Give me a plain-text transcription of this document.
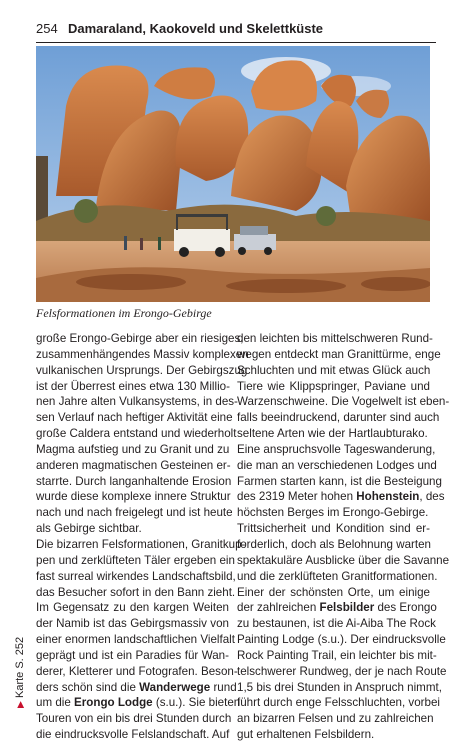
254 Damaraland, Kaokoveld und Skelettküste
Felsformationen im Erongo-Gebirge
große Erongo-Gebirge aber ein riesiges,
zusammenhängendes Massiv komplexen
vulkanischen Ursprungs. Der Gebirgszug
ist der Überrest eines etwa 130 Millio-
nen Jahre alten Vulkansystems, in des-
sen Verlauf nach heftiger Aktivität eine
große Caldera entstand und wiederholt
Magma aufstieg und zu Granit und zu
anderen magmatischen Gesteinen er-
starrte. Durch langanhaltende Erosion
wurde diese komplexe innere Struktur
nach und nach freigelegt und ist heute
als Gebirge sichtbar.
Die bizarren Felsformationen, Granitkup-
pen und zerklüfteten Täler ergeben ein
fast surreal wirkendes Landschaftsbild,
das Besucher sofort in den Bann zieht.
Im Gegensatz zu den kargen Weiten
der Namib ist das Gebirgsmassiv von
einer enormen landschaftlichen Vielfalt
geprägt und ist ein Paradies für Wan-
derer, Kletterer und Fotografen. Beson-
ders schön sind die Wanderwege rund
um die Erongo Lodge (s.u.). Sie bieten
Touren von ein bis drei Stunden durch
die eindrucksvolle Felslandschaft. Auf
den leichten bis mittelschweren Rund-
wegen entdeckt man Granittürme, enge
Schluchten und mit etwas Glück auch
Tiere wie Klippspringer, Paviane und
Warzenschweine. Die Vogelwelt ist eben-
falls beeindruckend, darunter sind auch
seltene Arten wie der Hartlaubturako.
Eine anspruchsvolle Tageswanderung,
die man an verschiedenen Lodges und
Farmen starten kann, ist die Besteigung
des 2319 Meter hohen Hohenstein, des
höchsten Berges im Erongo-Gebirge.
Trittsicherheit und Kondition sind er-
forderlich, doch als Belohnung warten
spektakuläre Ausblicke über die Savanne
und die zerklüfteten Granitformationen.
Einer der schönsten Orte, um einige
der zahlreichen Felsbilder des Erongo
zu bestaunen, ist die Ai-Aiba The Rock
Painting Lodge (s.u.). Der eindrucksvolle
Rock Painting Trail, ein leichter bis mit-
telschwerer Rundweg, der je nach Route
1,5 bis drei Stunden in Anspruch nimmt,
führt durch enge Felsschluchten, vorbei
an bizarren Felsen und zu zahlreichen
gut erhaltenen Felsbildern.
▶ Karte S. 252
